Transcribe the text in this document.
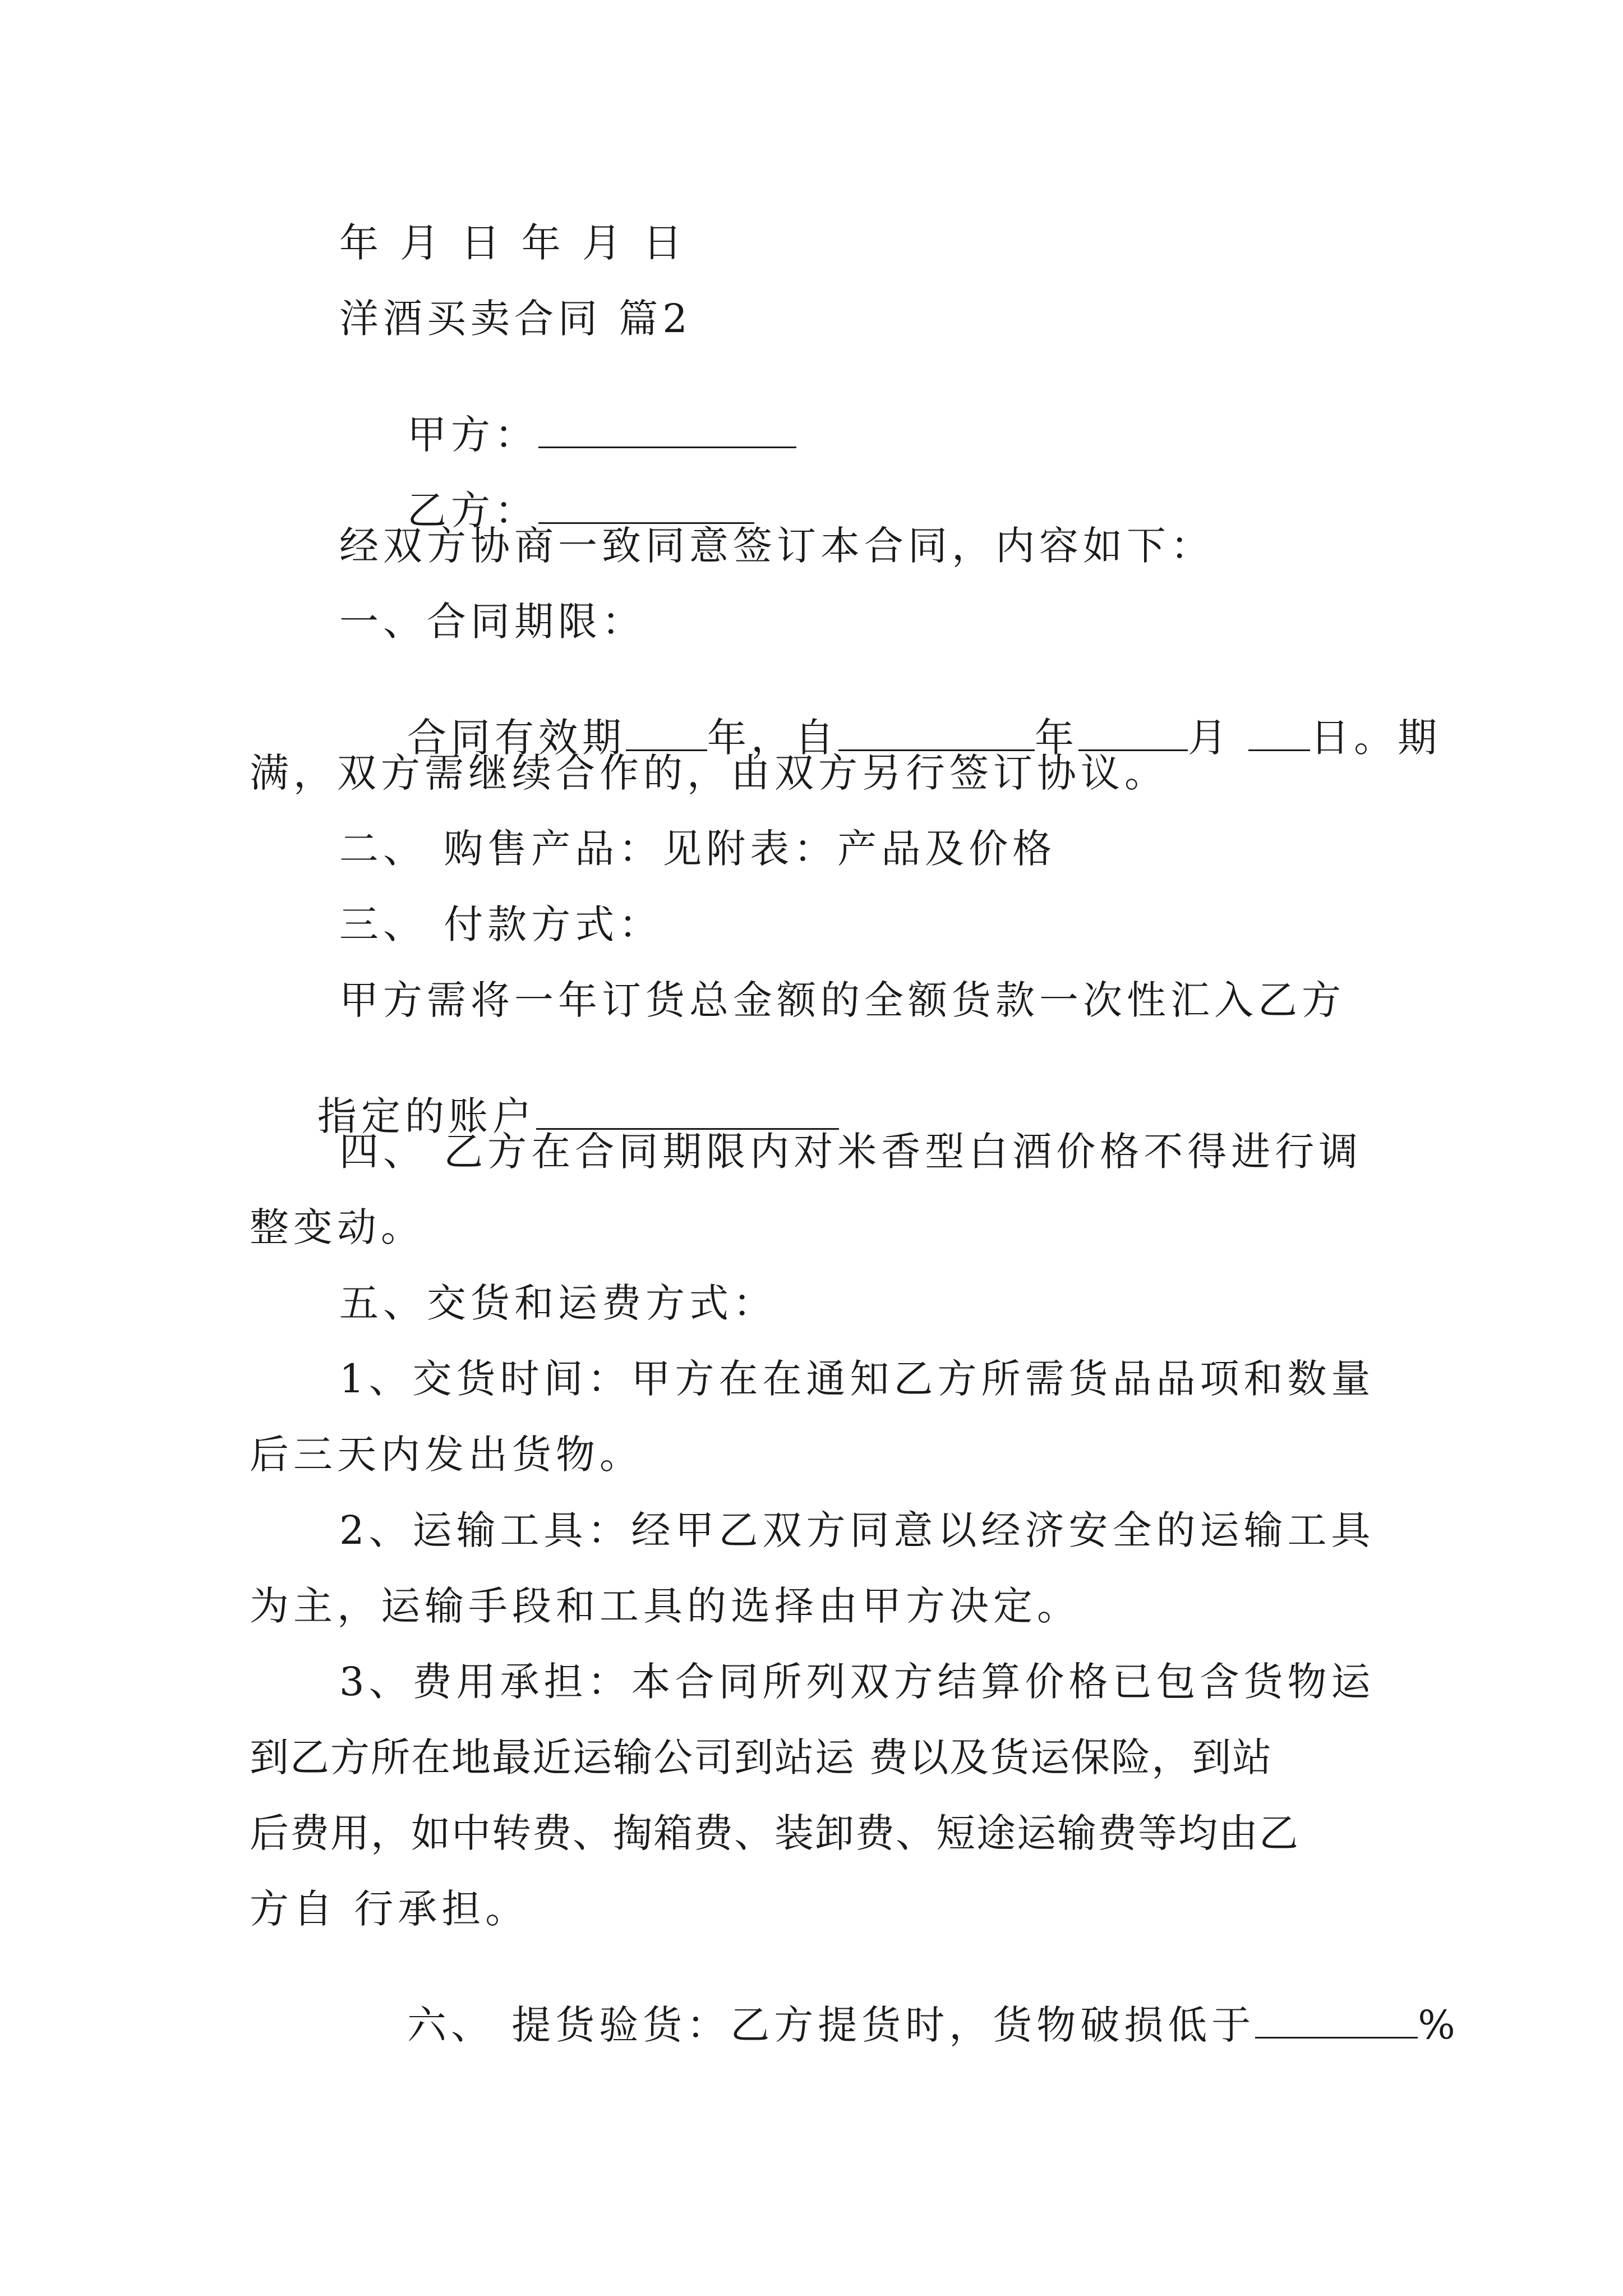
年 月 日 年 月 日
洋酒买卖合同 篇2

甲方：

乙方：

经双方协商一致同意签订本合同，内容如下：
一、合同期限：

合同有效期 年，自	年	月 日。期

满，双方需继续合作的，由双方另行签订协议。
二、 购售产品：见附表：产品及价格
三、 付款方式：
甲方需将一年订货总金额的全额货款一次性汇入乙方

指定的账户

四、 乙方在合同期限内对米香型白酒价格不得进行调
整变动。
五、交货和运费方式：
1、交货时间：甲方在在通知乙方所需货品品项和数量
后三天内发出货物。
2、运输工具：经甲乙双方同意以经济安全的运输工具
为主，运输手段和工具的选择由甲方决定。
3、费用承担：本合同所列双方结算价格已包含货物运
到乙方所在地最近运输公司到站运 费以及货运保险，到站
后费用，如中转费、掏箱费、装卸费、短途运输费等均由乙
方自 行承担。

六、 提货验货：乙方提货时，货物破损低于	%
